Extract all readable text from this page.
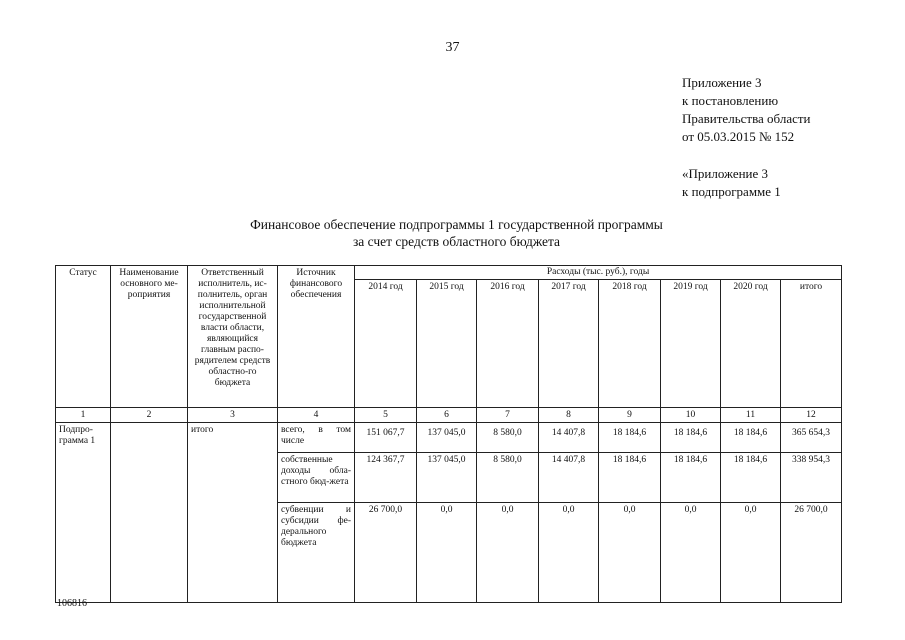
37
Приложение 3
к постановлению
Правительства области
от 05.03.2015 № 152
«Приложение 3
к подпрограмме 1
Финансовое обеспечение подпрограммы 1 государственной программы
за счет средств областного бюджета
Статус	Наименование основного ме-роприятия	Ответственный исполнитель, ис-полнитель, орган исполнительной государственной власти области, являющийся главным распо-рядителем средств областно-го бюджета	Источник финансового обеспечения	Расходы (тыс. руб.), годы							
				2014 год	2015 год	2016 год	2017 год	2018 год	2019 год	2020 год	итого
1	2	3	4	5	6	7	8	9	10	11	12
Подпро-грамма 1		итого	всего, в том числе	151 067,7	137 045,0	8 580,0	14 407,8	18 184,6	18 184,6	18 184,6	365 654,3
			собственные доходы обла-стного бюд-жета	124 367,7	137 045,0	8 580,0	14 407,8	18 184,6	18 184,6	18 184,6	338 954,3
			субвенции и субсидии фе-дерального бюджета	26 700,0	0,0	0,0	0,0	0,0	0,0	0,0	26 700,0
106816
